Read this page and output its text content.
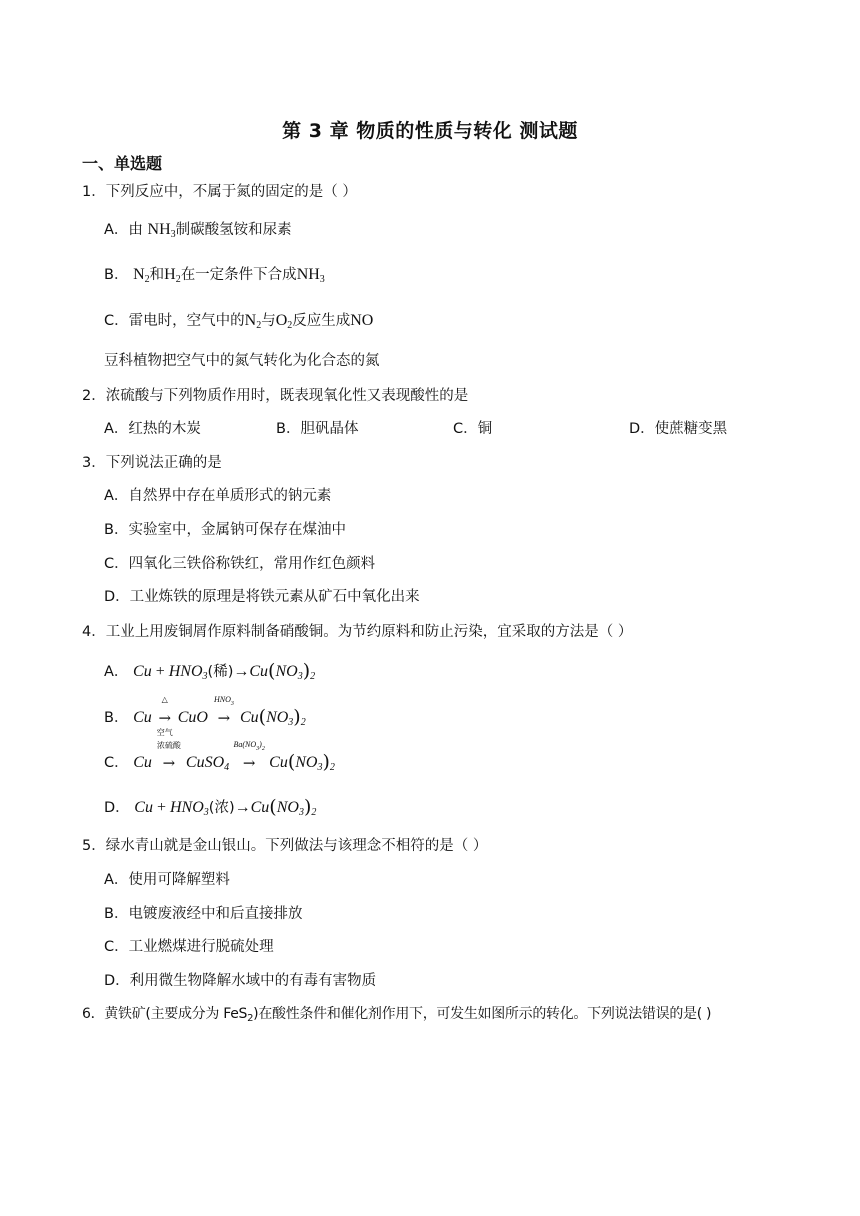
第 3 章 物质的性质与转化 测试题
一、单选题
1．下列反应中，不属于氮的固定的是（ ）
A．由 $NH_3$制碳酸氢铵和尿素
B． $N_2$和$H_2$在一定条件下合成$NH_3$
C．雷电时，空气中的$N_2$与$O_2$反应生成NO
豆科植物把空气中的氮气转化为化合态的氮
2．浓硫酸与下列物质作用时，既表现氧化性又表现酸性的是
A．红热的木炭	B．胆矾晶体	C．铜	D．使蔗糖变黑
3．下列说法正确的是
A．自然界中存在单质形式的钠元素
B．实验室中，金属钠可保存在煤油中
C．四氧化三铁俗称铁红，常用作红色颜料
D．工业炼铁的原理是将铁元素从矿石中氧化出来
4．工业上用废铜屑作原料制备硝酸铜。为节约原料和防止污染，宜采取的方法是（ ）
A． $Cu + HNO_3$(稀)$\to Cu(NO_3)_2$
B． Cu
△
→
空气
CuO
$HNO_3$
→ $Cu(NO_3)_2$
C． Cu
浓硫酸
→ CuSO$_4$
$Ba(NO_3)_2$
→ $Cu(NO_3)_2$
D． $Cu + HNO_3$(浓)$\to Cu(NO_3)_2$
5．绿水青山就是金山银山。下列做法与该理念不相符的是（ ）
A．使用可降解塑料
B．电镀废液经中和后直接排放
C．工业燃煤进行脱硫处理
D．利用微生物降解水域中的有毒有害物质
6．黄铁矿(主要成分为 FeS$_2$)在酸性条件和催化剂作用下，可发生如图所示的转化。下列说法错误的是( )
